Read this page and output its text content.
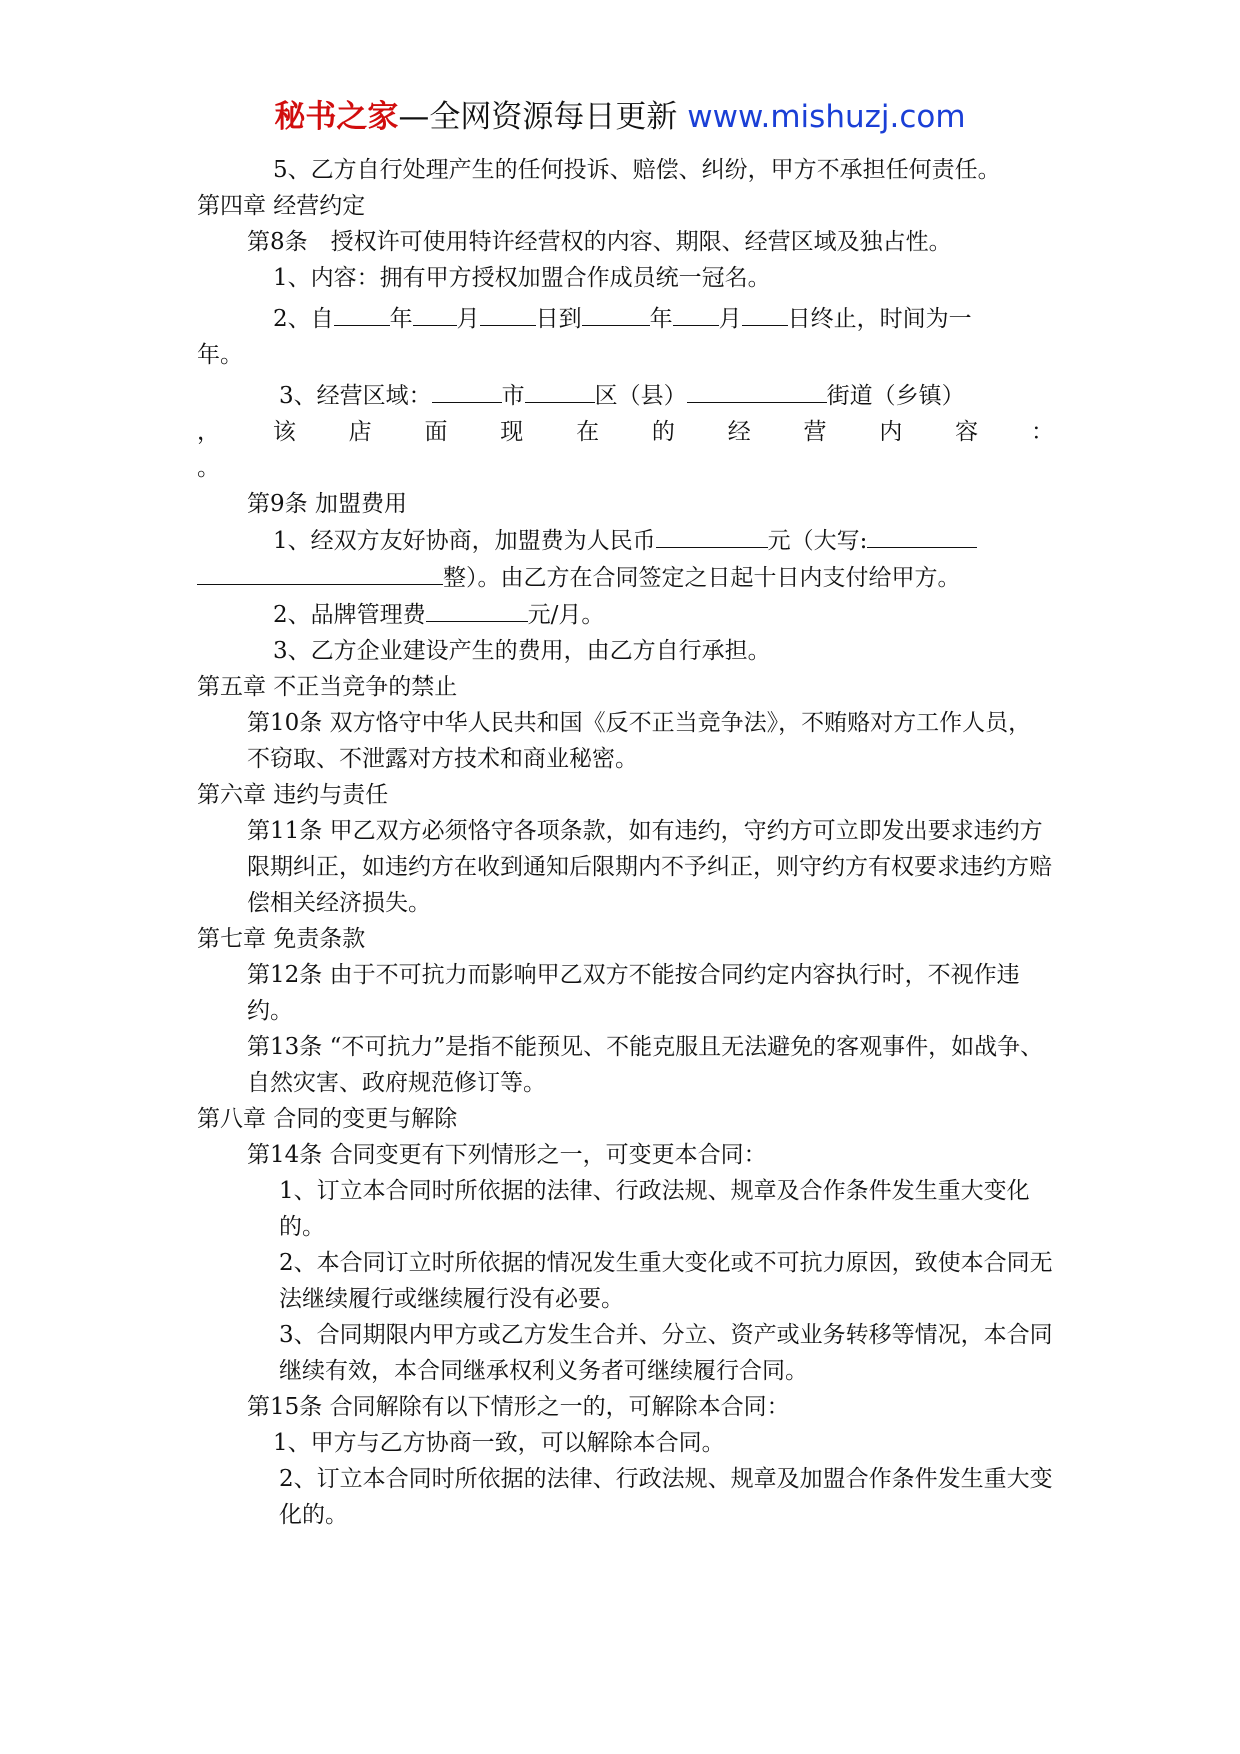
秘书之家—全网资源每日更新 www.mishuzj.com

5、乙方自行处理产生的任何投诉、赔偿、纠纷，甲方不承担任何责任。

第四章 经营约定

第8条　授权许可使用特许经营权的内容、期限、经营区域及独占性。

1、内容：拥有甲方授权加盟合作成员统一冠名。

2、自 年 月 日到	年 月 日终止，时间为一

年。

3、经营区域：	市	区（县）	街道（乡镇）

， 该 店 面 现 在 的 经 营 内 容 ：

。

第9条 加盟费用

1、经双方友好协商，加盟费为人民币	元（大写:

整）。由乙方在合同签定之日起十日内支付给甲方。

2、品牌管理费	元/月。

3、乙方企业建设产生的费用，由乙方自行承担。

第五章 不正当竞争的禁止

第10条 双方恪守中华人民共和国《反不正当竞争法》，不贿赂对方工作人员，不窃取、不泄露对方技术和商业秘密。

第六章 违约与责任

第11条 甲乙双方必须恪守各项条款，如有违约，守约方可立即发出要求违约方限期纠正，如违约方在收到通知后限期内不予纠正，则守约方有权要求违约方赔偿相关经济损失。

第七章 免责条款

第12条 由于不可抗力而影响甲乙双方不能按合同约定内容执行时，不视作违约。

第13条 “不可抗力”是指不能预见、不能克服且无法避免的客观事件，如战争、自然灾害、政府规范修订等。

第八章 合同的变更与解除

第14条 合同变更有下列情形之一，可变更本合同：

1、订立本合同时所依据的法律、行政法规、规章及合作条件发生重大变化的。

2、本合同订立时所依据的情况发生重大变化或不可抗力原因，致使本合同无法继续履行或继续履行没有必要。

3、合同期限内甲方或乙方发生合并、分立、资产或业务转移等情况，本合同继续有效，本合同继承权利义务者可继续履行合同。

第15条 合同解除有以下情形之一的，可解除本合同：

1、甲方与乙方协商一致，可以解除本合同。

2、订立本合同时所依据的法律、行政法规、规章及加盟合作条件发生重大变化的。
